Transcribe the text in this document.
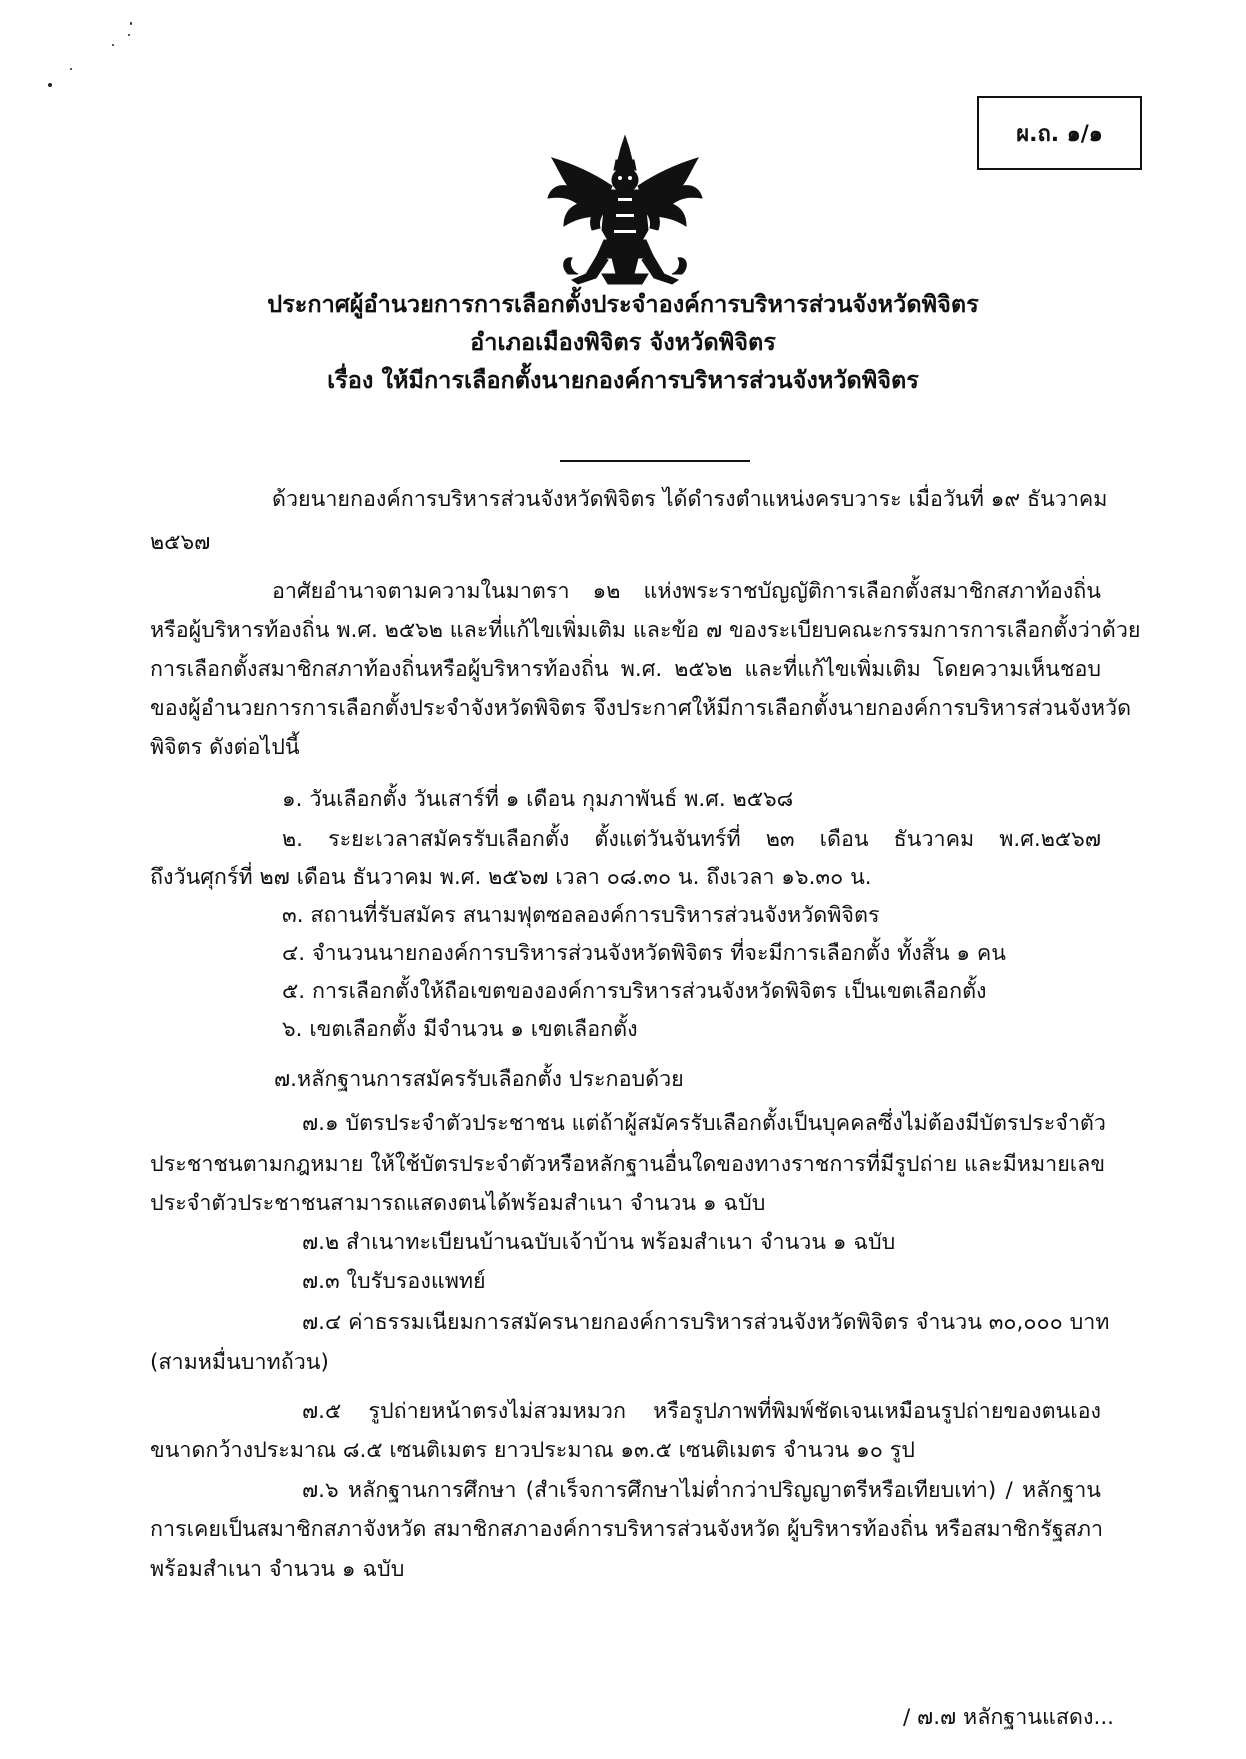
ผ.ถ. ๑/๑
ประกาศผู้อำนวยการการเลือกตั้งประจำองค์การบริหารส่วนจังหวัดพิจิตร
อำเภอเมืองพิจิตร จังหวัดพิจิตร
เรื่อง ให้มีการเลือกตั้งนายกองค์การบริหารส่วนจังหวัดพิจิตร
ด้วยนายกองค์การบริหารส่วนจังหวัดพิจิตร ได้ดำรงตำแหน่งครบวาระ เมื่อวันที่ ๑๙ ธันวาคม
๒๕๖๗
อาศัยอำนาจตามความในมาตรา ๑๒ แห่งพระราชบัญญัติการเลือกตั้งสมาชิกสภาท้องถิ่น
หรือผู้บริหารท้องถิ่น พ.ศ. ๒๕๖๒ และที่แก้ไขเพิ่มเติม และข้อ ๗ ของระเบียบคณะกรรมการการเลือกตั้งว่าด้วย
การเลือกตั้งสมาชิกสภาท้องถิ่นหรือผู้บริหารท้องถิ่น พ.ศ. ๒๕๖๒ และที่แก้ไขเพิ่มเติม โดยความเห็นชอบ
ของผู้อำนวยการการเลือกตั้งประจำจังหวัดพิจิตร จึงประกาศให้มีการเลือกตั้งนายกองค์การบริหารส่วนจังหวัด
พิจิตร ดังต่อไปนี้
๑. วันเลือกตั้ง วันเสาร์ที่ ๑ เดือน กุมภาพันธ์ พ.ศ. ๒๕๖๘
๒. ระยะเวลาสมัครรับเลือกตั้ง ตั้งแต่วันจันทร์ที่ ๒๓ เดือน ธันวาคม พ.ศ.๒๕๖๗
ถึงวันศุกร์ที่ ๒๗ เดือน ธันวาคม พ.ศ. ๒๕๖๗ เวลา ๐๘.๓๐ น. ถึงเวลา ๑๖.๓๐ น.
๓. สถานที่รับสมัคร สนามฟุตซอลองค์การบริหารส่วนจังหวัดพิจิตร
๔. จำนวนนายกองค์การบริหารส่วนจังหวัดพิจิตร ที่จะมีการเลือกตั้ง ทั้งสิ้น ๑ คน
๕. การเลือกตั้งให้ถือเขตขององค์การบริหารส่วนจังหวัดพิจิตร เป็นเขตเลือกตั้ง
๖. เขตเลือกตั้ง มีจำนวน ๑ เขตเลือกตั้ง
๗.หลักฐานการสมัครรับเลือกตั้ง ประกอบด้วย
๗.๑ บัตรประจำตัวประชาชน แต่ถ้าผู้สมัครรับเลือกตั้งเป็นบุคคลซึ่งไม่ต้องมีบัตรประจำตัว
ประชาชนตามกฎหมาย ให้ใช้บัตรประจำตัวหรือหลักฐานอื่นใดของทางราชการที่มีรูปถ่าย และมีหมายเลข
ประจำตัวประชาชนสามารถแสดงตนได้พร้อมสำเนา จำนวน ๑ ฉบับ
๗.๒ สำเนาทะเบียนบ้านฉบับเจ้าบ้าน พร้อมสำเนา จำนวน ๑ ฉบับ
๗.๓ ใบรับรองแพทย์
๗.๔ ค่าธรรมเนียมการสมัครนายกองค์การบริหารส่วนจังหวัดพิจิตร จำนวน ๓๐,๐๐๐ บาท
(สามหมื่นบาทถ้วน)
๗.๕ รูปถ่ายหน้าตรงไม่สวมหมวก หรือรูปภาพที่พิมพ์ชัดเจนเหมือนรูปถ่ายของตนเอง
ขนาดกว้างประมาณ ๘.๕ เซนติเมตร ยาวประมาณ ๑๓.๕ เซนติเมตร จำนวน ๑๐ รูป
๗.๖ หลักฐานการศึกษา (สำเร็จการศึกษาไม่ต่ำกว่าปริญญาตรีหรือเทียบเท่า) / หลักฐาน
การเคยเป็นสมาชิกสภาจังหวัด สมาชิกสภาองค์การบริหารส่วนจังหวัด ผู้บริหารท้องถิ่น หรือสมาชิกรัฐสภา
พร้อมสำเนา จำนวน ๑ ฉบับ
/ ๗.๗ หลักฐานแสดง...
